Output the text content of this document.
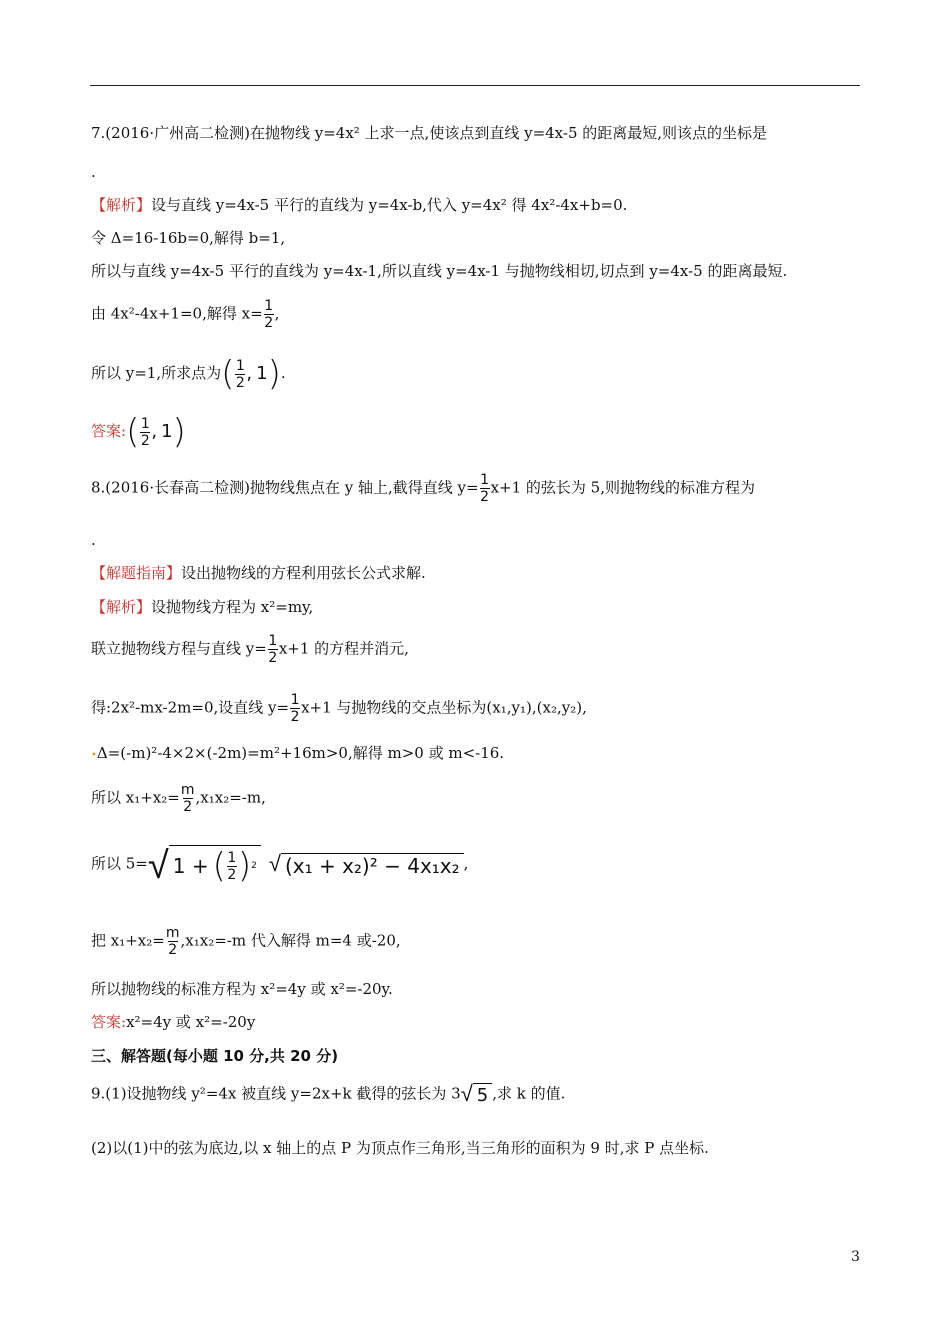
7.(2016·广州高二检测)在抛物线 y=4x² 上求一点,使该点到直线 y=4x-5 的距离最短,则该点的坐标是
.
【解析】设与直线 y=4x-5 平行的直线为 y=4x-b,代入 y=4x² 得 4x²-4x+b=0.
令 Δ=16-16b=0,解得 b=1,
所以与直线 y=4x-5 平行的直线为 y=4x-1,所以直线 y=4x-1 与抛物线相切,切点到 y=4x-5 的距离最短.
由 4x²-4x+1=0,解得 $x= \frac{1}{2}$ ,
所以 y=1,所求点为 ( $\frac{1}{2}$ , 1 ) .
答案: ( $\frac{1}{2}$ , 1 )
8.(2016·长春高二检测)抛物线焦点在 y 轴上,截得直线 $y= \frac{1}{2} x+1$ 的弦长为 5,则抛物线的标准方程为
.
【解题指南】设出抛物线的方程利用弦长公式求解.
【解析】设抛物线方程为 x²=my,
联立抛物线方程与直线 $y= \frac{1}{2} x+1$ 的方程并消元,
得:2x²-mx-2m=0,设直线 $y= \frac{1}{2} x+1$ 与抛物线的交点坐标为(x₁,y₁),(x₂,y₂),
•Δ=(-m)²-4×2×(-2m)=m²+16m>0,解得 m>0 或 m<-16.
所以 $x_1+x_2= \frac{m}{2} ,x_1x_2=-m$,
所以 5= √ 1 + ( $\frac{1}{2}$ ) 2 √ (x₁ + x₂)² − 4x₁x₂ ,
把 $x_1+x_2= \frac{m}{2} ,x_1x_2=-m$ 代入解得 m=4 或-20,
所以抛物线的标准方程为 x²=4y 或 x²=-20y.
答案:x²=4y 或 x²=-20y
三、解答题(每小题 10 分,共 20 分)
9.(1)设抛物线 y²=4x 被直线 y=2x+k 截得的弦长为 3 √ 5 ,求 k 的值.
(2)以(1)中的弦为底边,以 x 轴上的点 P 为顶点作三角形,当三角形的面积为 9 时,求 P 点坐标.
3
